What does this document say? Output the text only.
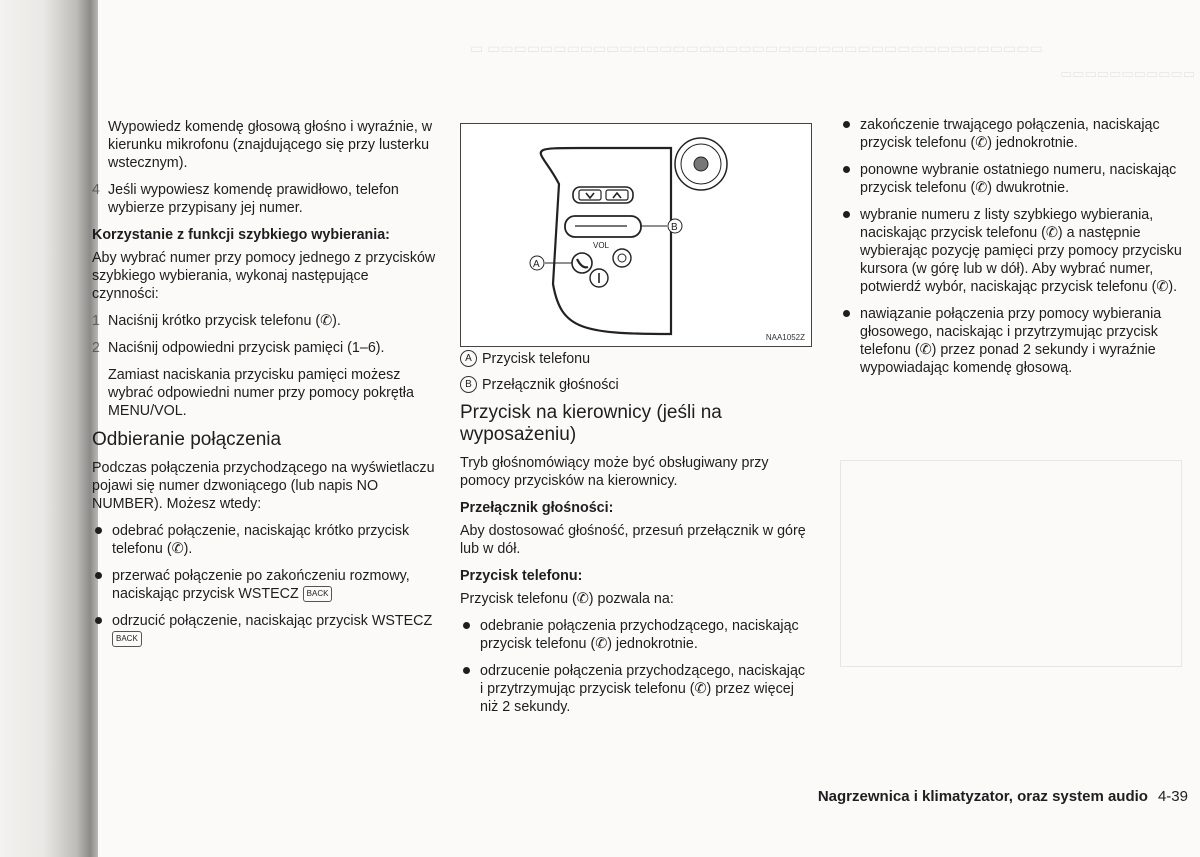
▭ ▭▭▭▭▭▭▭▭▭▭▭▭▭▭▭▭▭▭▭▭▭▭▭▭▭▭▭▭▭▭▭▭▭▭▭▭▭▭▭▭▭▭
▭▭▭▭▭▭▭▭▭▭▭

Wypowiedz komendę głosową głośno i wyraźnie, w kierunku mikrofonu (znajdującego się przy lusterku wstecznym).

4 Jeśli wypowiesz komendę prawidłowo, telefon wybierze przypisany jej numer.
Korzystanie z funkcji szybkiego wybierania:

Aby wybrać numer przy pomocy jednego z przycisków szybkiego wybierania, wykonaj następujące czynności:

1 Naciśnij krótko przycisk telefonu (✆).
2 Naciśnij odpowiedni przycisk pamięci (1–6).

Zamiast naciskania przycisku pamięci możesz wybrać odpowiedni numer przy pomocy pokrętła MENU/VOL.

Odbieranie połączenia

Podczas połączenia przychodzącego na wyświetlaczu pojawi się numer dzwoniącego (lub napis NO NUMBER). Możesz wtedy:

odebrać połączenie, naciskając krótko przycisk telefonu (✆).
przerwać połączenie po zakończeniu rozmowy, naciskając przycisk WSTECZ BACK
odrzucić połączenie, naciskając przycisk WSTECZ BACK
VOL
B
A
NAA1052Z
A Przycisk telefonu
B Przełącznik głośności
Przycisk na kierownicy (jeśli na wyposażeniu)

Tryb głośnomówiący może być obsługiwany przy pomocy przycisków na kierownicy.

Przełącznik głośności:

Aby dostosować głośność, przesuń przełącznik w górę lub w dół.

Przycisk telefonu:

Przycisk telefonu (✆) pozwala na:

odebranie połączenia przychodzącego, naciskając przycisk telefonu (✆) jednokrotnie.
odrzucenie połączenia przychodzącego, naciskając i przytrzymując przycisk telefonu (✆) przez więcej niż 2 sekundy.
zakończenie trwającego połączenia, naciskając przycisk telefonu (✆) jednokrotnie.
ponowne wybranie ostatniego numeru, naciskając przycisk telefonu (✆) dwukrotnie.
wybranie numeru z listy szybkiego wybierania, naciskając przycisk telefonu (✆) a następnie wybierając pozycję pamięci przy pomocy przycisku kursora (w górę lub w dół). Aby wybrać numer, potwierdź wybór, naciskając przycisk telefonu (✆).
nawiązanie połączenia przy pomocy wybierania głosowego, naciskając i przytrzymując przycisk telefonu (✆) przez ponad 2 sekundy i wyraźnie wypowiadając komendę głosową.
Nagrzewnica i klimatyzator, oraz system audio 4-39
